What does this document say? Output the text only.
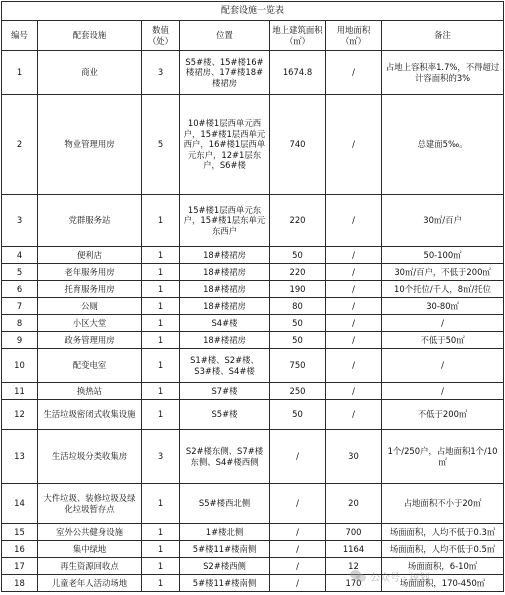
配套设施一览表						
编号	配套设施	数值（处）	位置	地上建筑面积（㎡）	用地面积（㎡）	备注
1	商业	3	S5#楼、15#楼16#楼裙房、17#楼18#楼裙房	1674.8	/	占地上容积率1.7%，不得超过计容面积的3%
2	物业管理用房	5	10#楼1层西单元西户，15#楼1层西单元西户，16#楼1层西单元东户，12#1层东户，S6#楼	740	/	总建面5‰。
3	党群服务站	1	15#楼1层西单元东户，15#楼1层东单元东西户	220	/	30㎡/百户
4	便利店	1	18#楼裙房	50	/	50-100㎡
5	老年服务用房	1	18#楼裙房	220	/	30㎡/百户，不低于200㎡
6	托育服务用房	1	18#楼裙房	190	/	10个托位/千人，8㎡/托位
7	公厕	1	18#楼裙房	80	/	30-80㎡
8	小区大堂	1	S4#楼	50	/	/
9	政务管理用房	1	18#楼裙房	50	/	不低于50㎡
10	配变电室	1	S1#楼、S2#楼、S3#楼、S4#楼	750	/	/
11	换热站	1	S7#楼	250	/	/
12	生活垃圾密闭式收集设施	1	S5#楼	50	/	不低于200㎡
13	生活垃圾分类收集房	3	S2#楼东侧、S7#楼东侧、S4#楼西侧	/	30	1个/250户，占地面积1个/10㎡
14	大件垃圾、装修垃圾及绿化垃圾暂存点	1	S5#楼西北侧	/	20	占地面积不小于20㎡
15	室外公共健身设施	1	1#楼北侧	/	700	场面面积，人均不低于0.3㎡
16	集中绿地	1	5#楼11#楼南侧	/	1164	场面面积，人均不低于0.5㎡
17	再生资源回收点	1	S2#楼西侧	/	12	场面面积，6-10㎡
18	儿童老年人活动场地	1	5#楼11#楼南侧	/	170	场面面积，170-450㎡
公众号 · 规划
